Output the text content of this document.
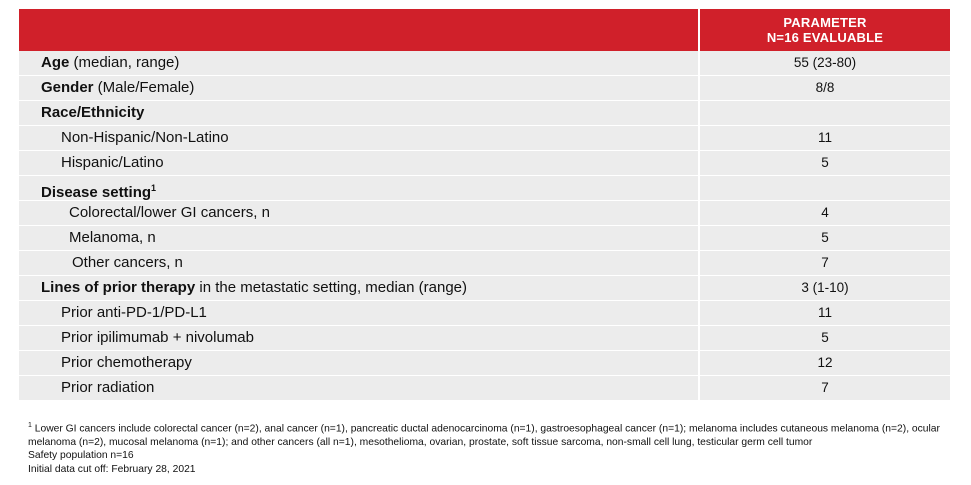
PARAMETER
N=16 EVALUABLE
Age (median, range)	55 (23-80)
Gender (Male/Female)	8/8
Race/Ethnicity
Non-Hispanic/Non-Latino	11
Hispanic/Latino	5
Disease setting$^1$
Colorectal/lower GI cancers, n	4
Melanoma, n	5
Other cancers, n	7
Lines of prior therapy in the metastatic setting, median (range)	3 (1-10)
Prior anti-PD-1/PD-L1	11
Prior ipilimumab + nivolumab	5
Prior chemotherapy	12
Prior radiation	7
$^1$ Lower GI cancers include colorectal cancer (n=2), anal cancer (n=1), pancreatic ductal adenocarcinoma (n=1), gastroesophageal cancer (n=1); melanoma includes cutaneous melanoma (n=2), ocular melanoma (n=2), mucosal melanoma (n=1); and other cancers (all n=1), mesothelioma, ovarian, prostate, soft tissue sarcoma, non-small cell lung, testicular germ cell tumor
Safety population n=16
Initial data cut off: February 28, 2021
